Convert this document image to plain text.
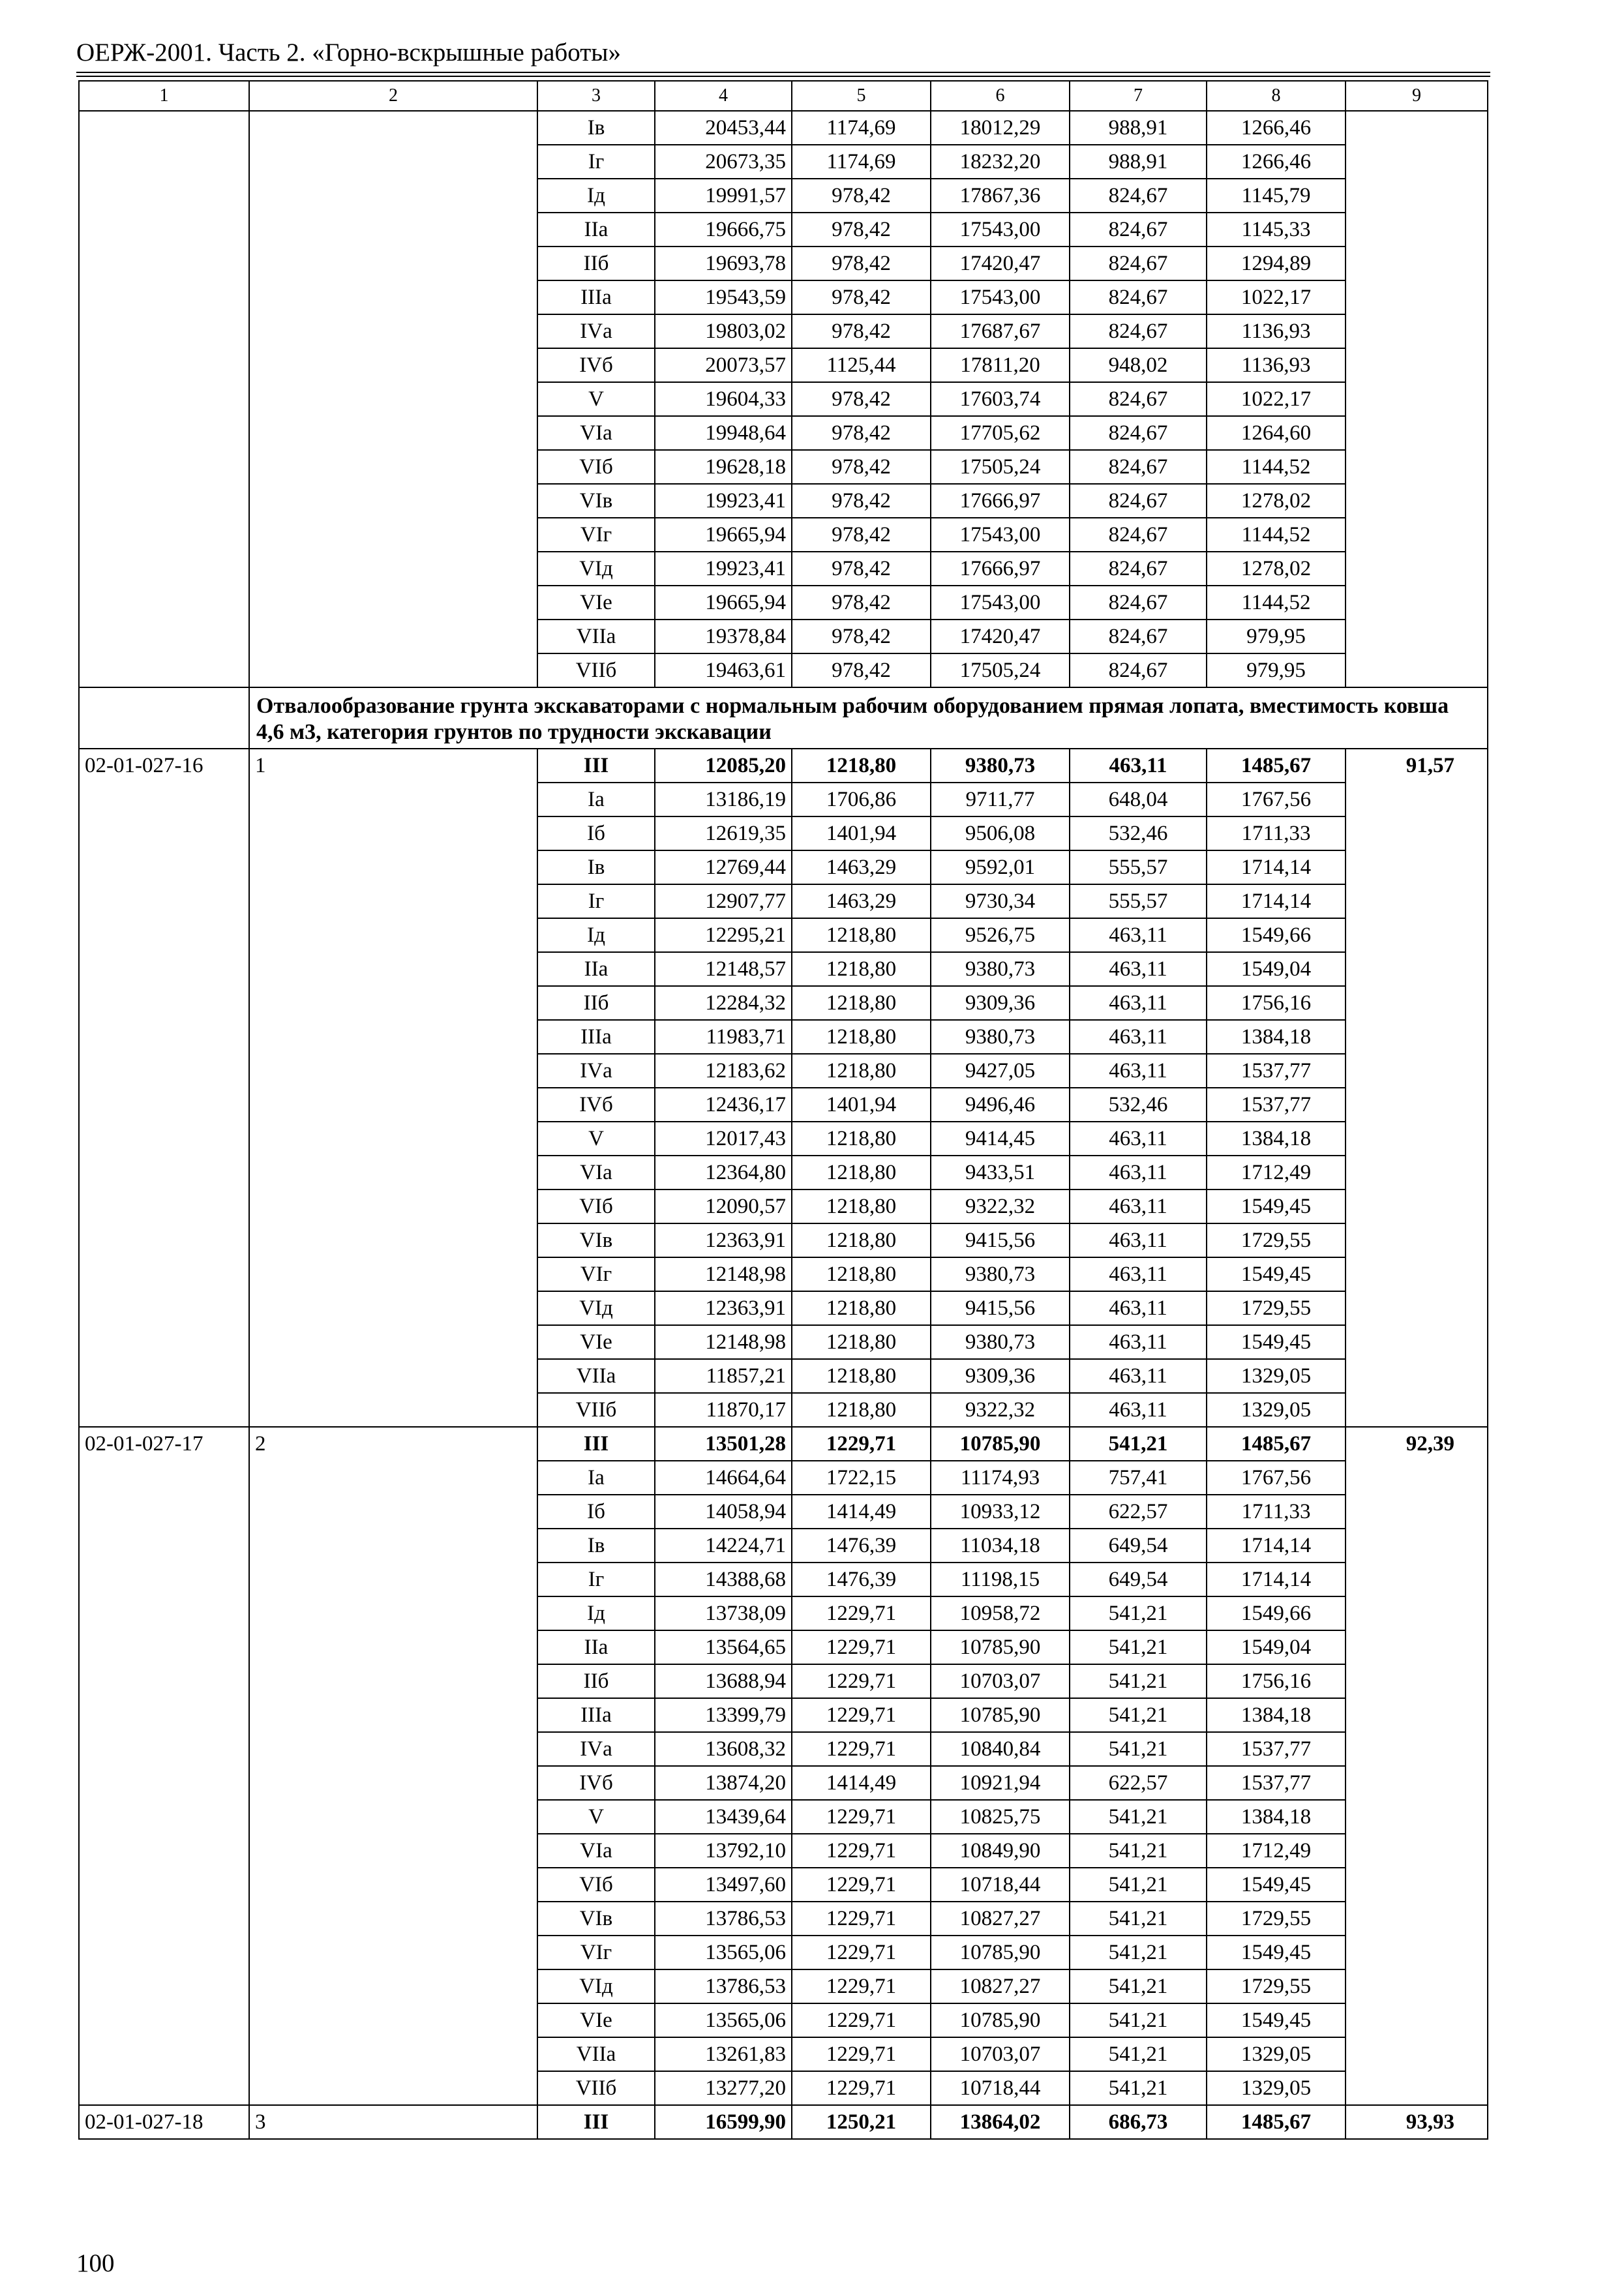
ОЕРЖ-2001. Часть 2. «Горно-вскрышные работы»
1	2	3	4	5	6	7	8	9
		Iв	20453,44	1174,69	18012,29	988,91	1266,46	
		Iг	20673,35	1174,69	18232,20	988,91	1266,46	
		Iд	19991,57	978,42	17867,36	824,67	1145,79	
		IIа	19666,75	978,42	17543,00	824,67	1145,33	
		IIб	19693,78	978,42	17420,47	824,67	1294,89	
		IIIа	19543,59	978,42	17543,00	824,67	1022,17	
		IVа	19803,02	978,42	17687,67	824,67	1136,93	
		IVб	20073,57	1125,44	17811,20	948,02	1136,93	
		V	19604,33	978,42	17603,74	824,67	1022,17	
		VIа	19948,64	978,42	17705,62	824,67	1264,60	
		VIб	19628,18	978,42	17505,24	824,67	1144,52	
		VIв	19923,41	978,42	17666,97	824,67	1278,02	
		VIг	19665,94	978,42	17543,00	824,67	1144,52	
		VIд	19923,41	978,42	17666,97	824,67	1278,02	
		VIе	19665,94	978,42	17543,00	824,67	1144,52	
		VIIа	19378,84	978,42	17420,47	824,67	979,95	
		VIIб	19463,61	978,42	17505,24	824,67	979,95	
	Отвалообразование грунта экскаваторами с нормальным рабочим оборудованием прямая лопата, вместимость ковша 4,6 м3, категория грунтов по трудности экскавации							
02-01-027-16	1	III	12085,20	1218,80	9380,73	463,11	1485,67	91,57
		Iа	13186,19	1706,86	9711,77	648,04	1767,56	
		Iб	12619,35	1401,94	9506,08	532,46	1711,33	
		Iв	12769,44	1463,29	9592,01	555,57	1714,14	
		Iг	12907,77	1463,29	9730,34	555,57	1714,14	
		Iд	12295,21	1218,80	9526,75	463,11	1549,66	
		IIа	12148,57	1218,80	9380,73	463,11	1549,04	
		IIб	12284,32	1218,80	9309,36	463,11	1756,16	
		IIIа	11983,71	1218,80	9380,73	463,11	1384,18	
		IVа	12183,62	1218,80	9427,05	463,11	1537,77	
		IVб	12436,17	1401,94	9496,46	532,46	1537,77	
		V	12017,43	1218,80	9414,45	463,11	1384,18	
		VIа	12364,80	1218,80	9433,51	463,11	1712,49	
		VIб	12090,57	1218,80	9322,32	463,11	1549,45	
		VIв	12363,91	1218,80	9415,56	463,11	1729,55	
		VIг	12148,98	1218,80	9380,73	463,11	1549,45	
		VIд	12363,91	1218,80	9415,56	463,11	1729,55	
		VIе	12148,98	1218,80	9380,73	463,11	1549,45	
		VIIа	11857,21	1218,80	9309,36	463,11	1329,05	
		VIIб	11870,17	1218,80	9322,32	463,11	1329,05	
02-01-027-17	2	III	13501,28	1229,71	10785,90	541,21	1485,67	92,39
		Iа	14664,64	1722,15	11174,93	757,41	1767,56	
		Iб	14058,94	1414,49	10933,12	622,57	1711,33	
		Iв	14224,71	1476,39	11034,18	649,54	1714,14	
		Iг	14388,68	1476,39	11198,15	649,54	1714,14	
		Iд	13738,09	1229,71	10958,72	541,21	1549,66	
		IIа	13564,65	1229,71	10785,90	541,21	1549,04	
		IIб	13688,94	1229,71	10703,07	541,21	1756,16	
		IIIа	13399,79	1229,71	10785,90	541,21	1384,18	
		IVа	13608,32	1229,71	10840,84	541,21	1537,77	
		IVб	13874,20	1414,49	10921,94	622,57	1537,77	
		V	13439,64	1229,71	10825,75	541,21	1384,18	
		VIа	13792,10	1229,71	10849,90	541,21	1712,49	
		VIб	13497,60	1229,71	10718,44	541,21	1549,45	
		VIв	13786,53	1229,71	10827,27	541,21	1729,55	
		VIг	13565,06	1229,71	10785,90	541,21	1549,45	
		VIд	13786,53	1229,71	10827,27	541,21	1729,55	
		VIе	13565,06	1229,71	10785,90	541,21	1549,45	
		VIIа	13261,83	1229,71	10703,07	541,21	1329,05	
		VIIб	13277,20	1229,71	10718,44	541,21	1329,05	
02-01-027-18	3	III	16599,90	1250,21	13864,02	686,73	1485,67	93,93
100
